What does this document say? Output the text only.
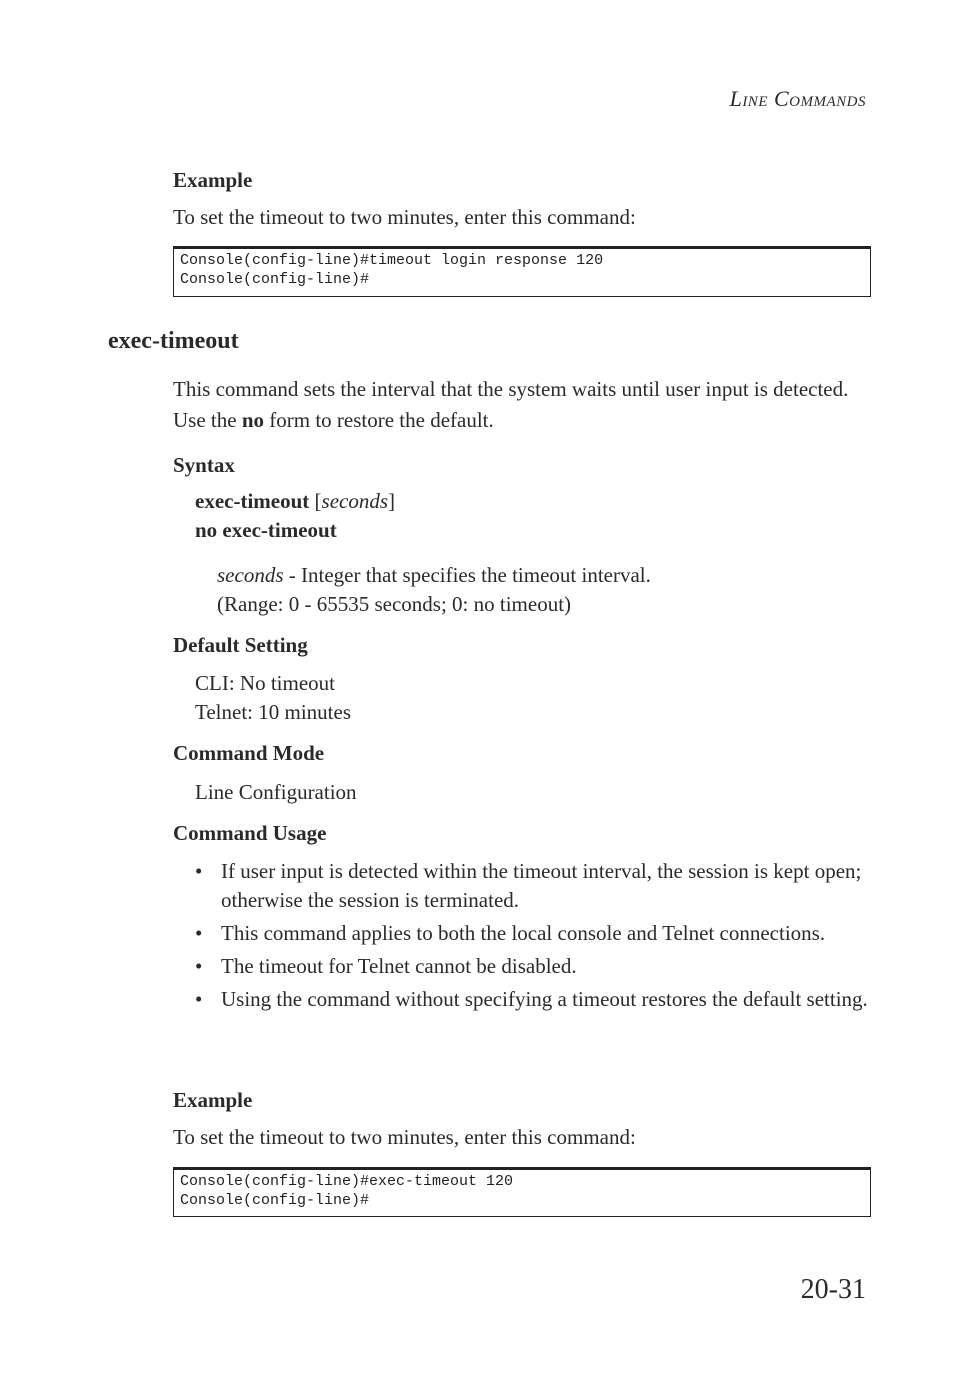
LINE COMMANDS
Example
To set the timeout to two minutes, enter this command:
Console(config-line)#timeout login response 120
Console(config-line)#
exec-timeout
This command sets the interval that the system waits until user input is detected. Use the no form to restore the default.
Syntax
exec-timeout [seconds]
no exec-timeout
seconds - Integer that specifies the timeout interval.
(Range: 0 - 65535 seconds; 0: no timeout)
Default Setting
CLI: No timeout
Telnet: 10 minutes
Command Mode
Line Configuration
Command Usage
• If user input is detected within the timeout interval, the session is kept open; otherwise the session is terminated.
• This command applies to both the local console and Telnet connections.
• The timeout for Telnet cannot be disabled.
• Using the command without specifying a timeout restores the default setting.
Example
To set the timeout to two minutes, enter this command:
Console(config-line)#exec-timeout 120
Console(config-line)#
20-31
